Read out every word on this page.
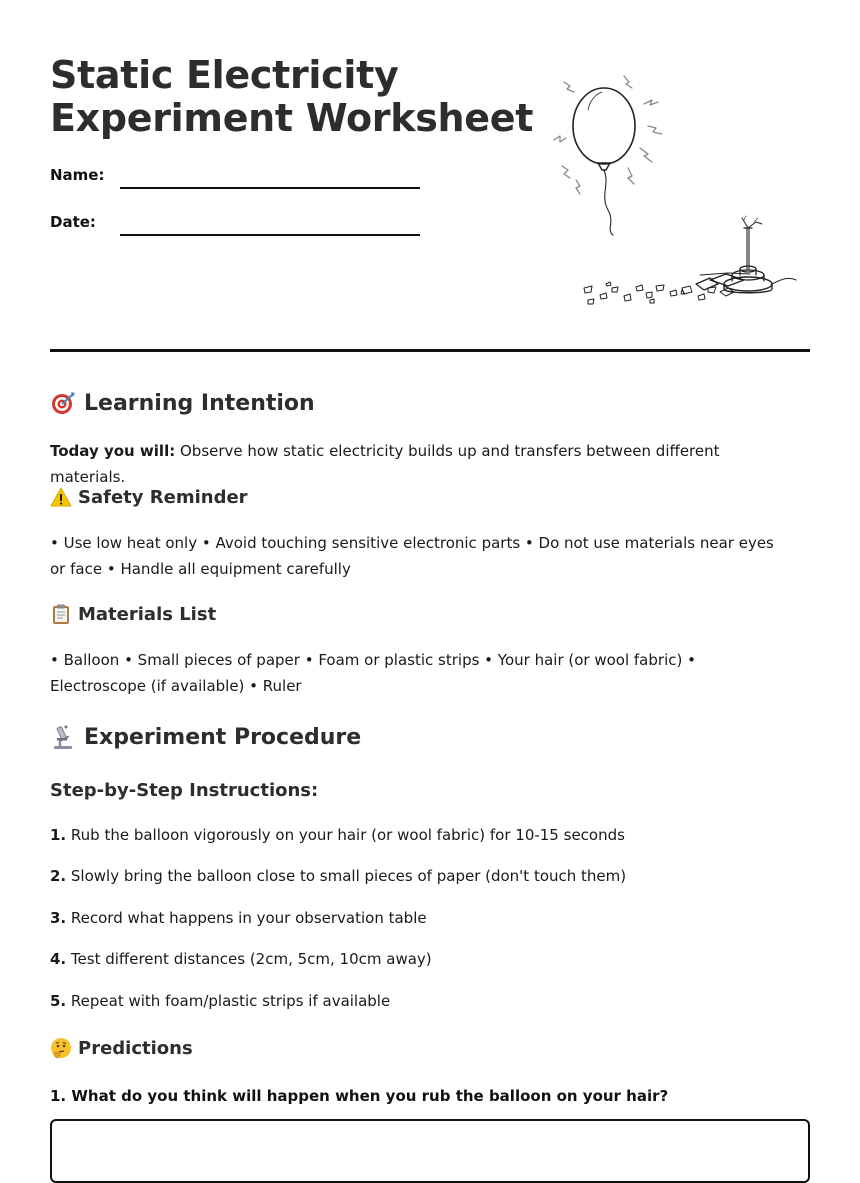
Static Electricity
Experiment Worksheet
Name:
Date:
Learning Intention

Today you will: Observe how static electricity builds up and transfers between different materials.

Safety Reminder

• Use low heat only • Avoid touching sensitive electronic parts • Do not use materials near eyes or face • Handle all equipment carefully

Materials List

• Balloon • Small pieces of paper • Foam or plastic strips • Your hair (or wool fabric) • Electroscope (if available) • Ruler

Experiment Procedure
Step-by-Step Instructions:
1. Rub the balloon vigorously on your hair (or wool fabric) for 10-15 seconds
2. Slowly bring the balloon close to small pieces of paper (don't touch them)
3. Record what happens in your observation table
4. Test different distances (2cm, 5cm, 10cm away)
5. Repeat with foam/plastic strips if available
Predictions
1. What do you think will happen when you rub the balloon on your hair?
